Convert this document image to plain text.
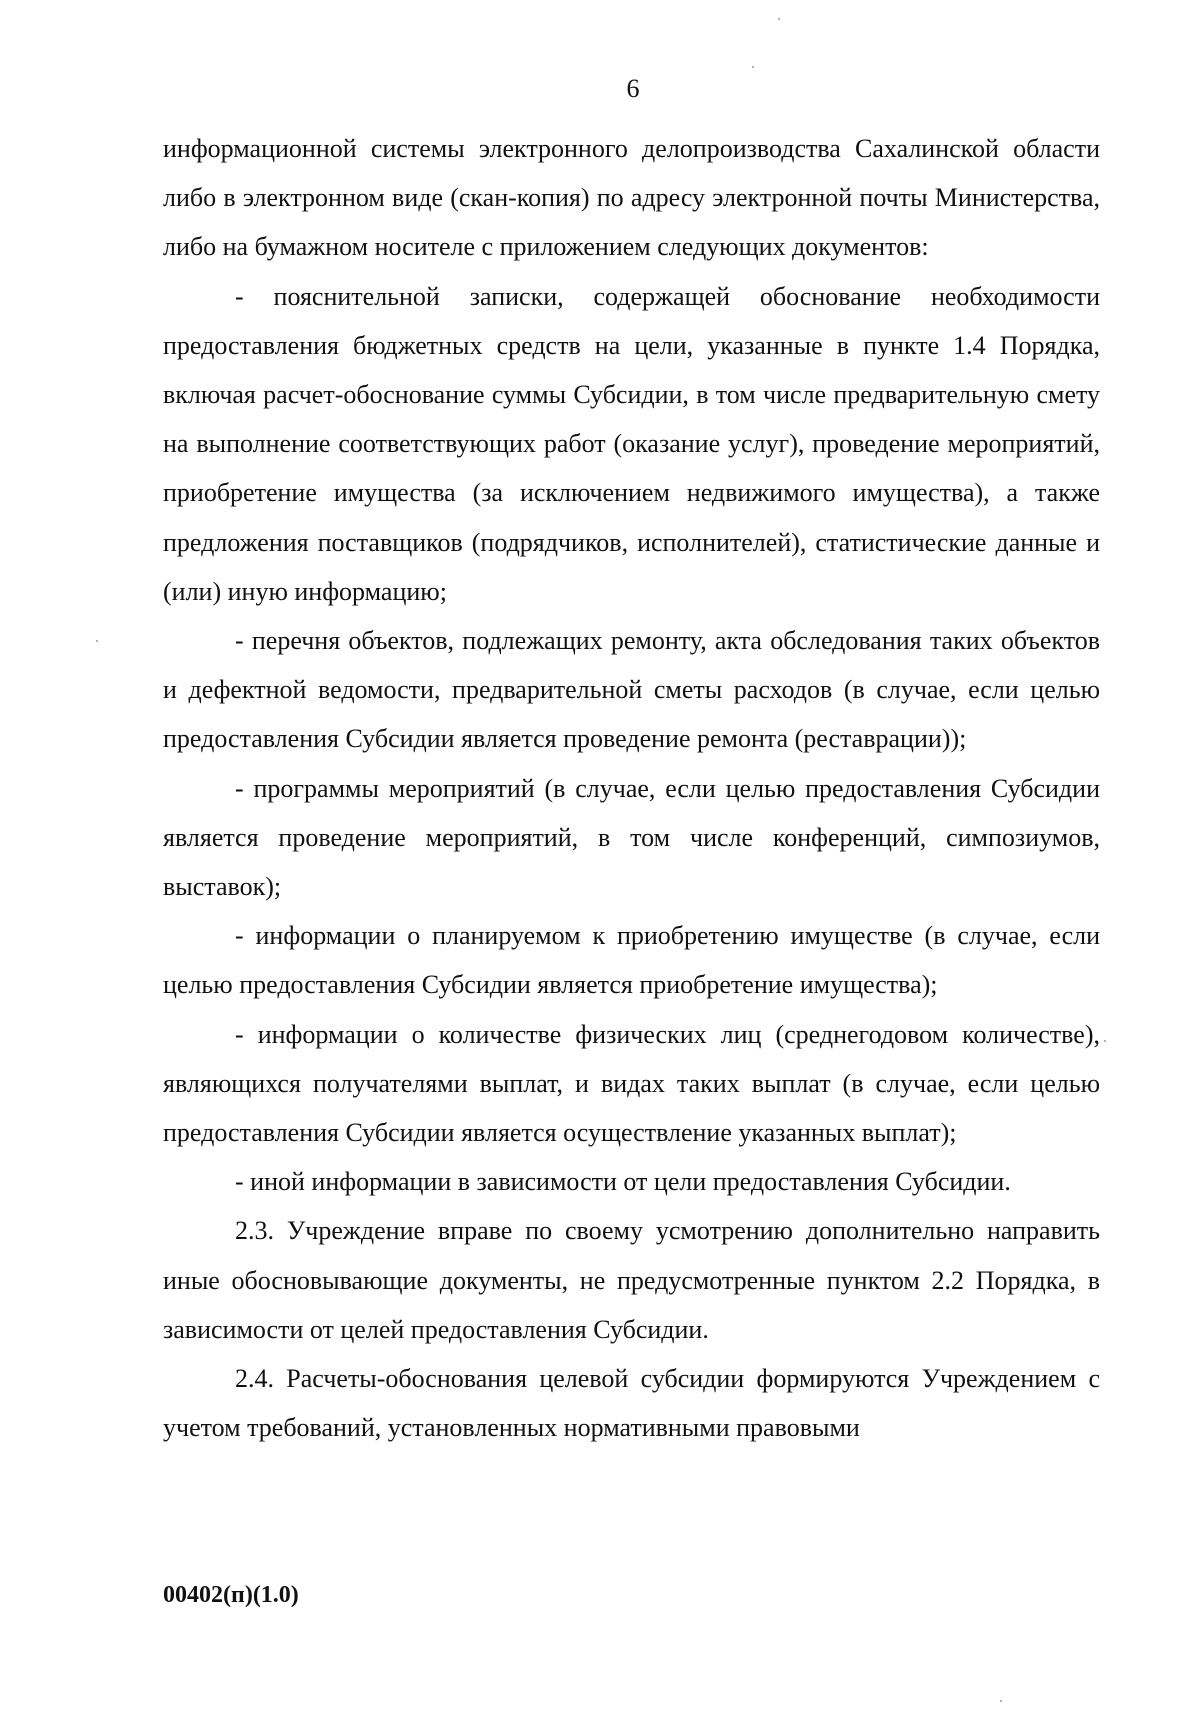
6

информационной системы электронного делопроизводства Сахалинской области либо в электронном виде (скан-копия) по адресу электронной почты Министерства, либо на бумажном носителе с приложением следующих документов:

- пояснительной записки, содержащей обоснование необходимости предоставления бюджетных средств на цели, указанные в пункте 1.4 Порядка, включая расчет-обоснование суммы Субсидии, в том числе предварительную смету на выполнение соответствующих работ (оказание услуг), проведение мероприятий, приобретение имущества (за исключением недвижимого имущества), а также предложения поставщиков (подрядчиков, исполнителей), статистические данные и (или) иную информацию;

- перечня объектов, подлежащих ремонту, акта обследования таких объектов и дефектной ведомости, предварительной сметы расходов (в случае, если целью предоставления Субсидии является проведение ремонта (реставрации));

- программы мероприятий (в случае, если целью предоставления Субсидии является проведение мероприятий, в том числе конференций, симпозиумов, выставок);

- информации о планируемом к приобретению имуществе (в случае, если целью предоставления Субсидии является приобретение имущества);

- информации о количестве физических лиц (среднегодовом количестве), являющихся получателями выплат, и видах таких выплат (в случае, если целью предоставления Субсидии является осуществление указанных выплат);

- иной информации в зависимости от цели предоставления Субсидии.

2.3. Учреждение вправе по своему усмотрению дополнительно направить иные обосновывающие документы, не предусмотренные пунктом 2.2 Порядка, в зависимости от целей предоставления Субсидии.

2.4. Расчеты-обоснования целевой субсидии формируются Учреждением с учетом требований, установленных нормативными правовыми

00402(п)(1.0)
